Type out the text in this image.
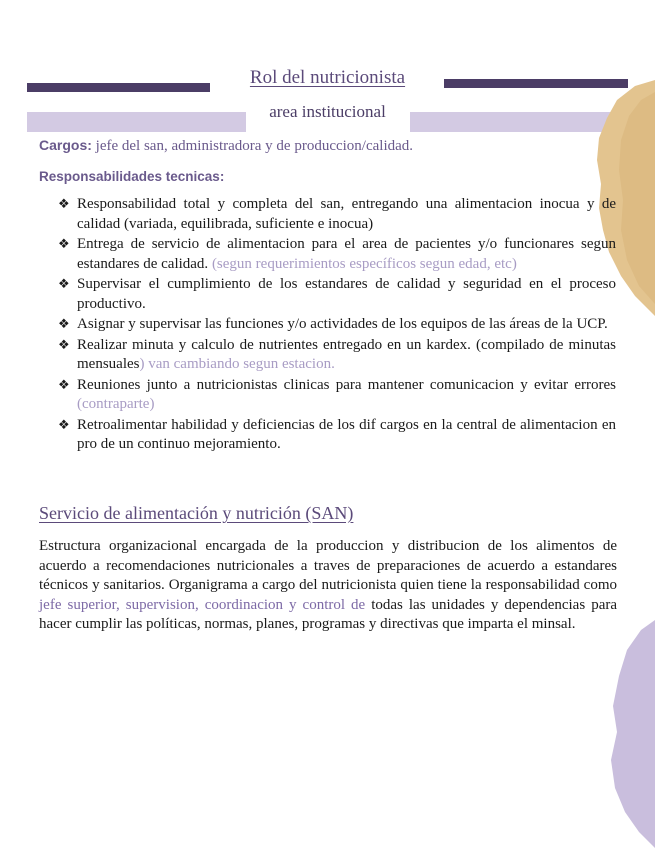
Rol del nutricionista
area institucional
Cargos: jefe del san, administradora y de produccion/calidad.
Responsabilidades tecnicas:
❖ Responsabilidad total y completa del san, entregando una alimentacion inocua y de calidad (variada, equilibrada, suficiente e inocua)
❖ Entrega de servicio de alimentacion para el area de pacientes y/o funcionares segun estandares de calidad. (segun requerimientos específicos segun edad, etc)
❖ Supervisar el cumplimiento de los estandares de calidad y seguridad en el proceso productivo.
❖ Asignar y supervisar las funciones y/o actividades de los equipos de las áreas de la UCP.
❖ Realizar minuta y calculo de nutrientes entregado en un kardex. (compilado de minutas mensuales) van cambiando segun estacion.
❖ Reuniones junto a nutricionistas clinicas para mantener comunicacion y evitar errores (contraparte)
❖ Retroalimentar habilidad y deficiencias de los dif cargos en la central de alimentacion en pro de un continuo mejoramiento.
Servicio de alimentación y nutrición (SAN)

Estructura organizacional encargada de la produccion y distribucion de los alimentos de acuerdo a recomendaciones nutricionales a traves de preparaciones de acuerdo a estandares técnicos y sanitarios. Organigrama a cargo del nutricionista quien tiene la responsabilidad como jefe superior, supervision, coordinacion y control de todas las unidades y dependencias para hacer cumplir las políticas, normas, planes, programas y directivas que imparta el minsal.
